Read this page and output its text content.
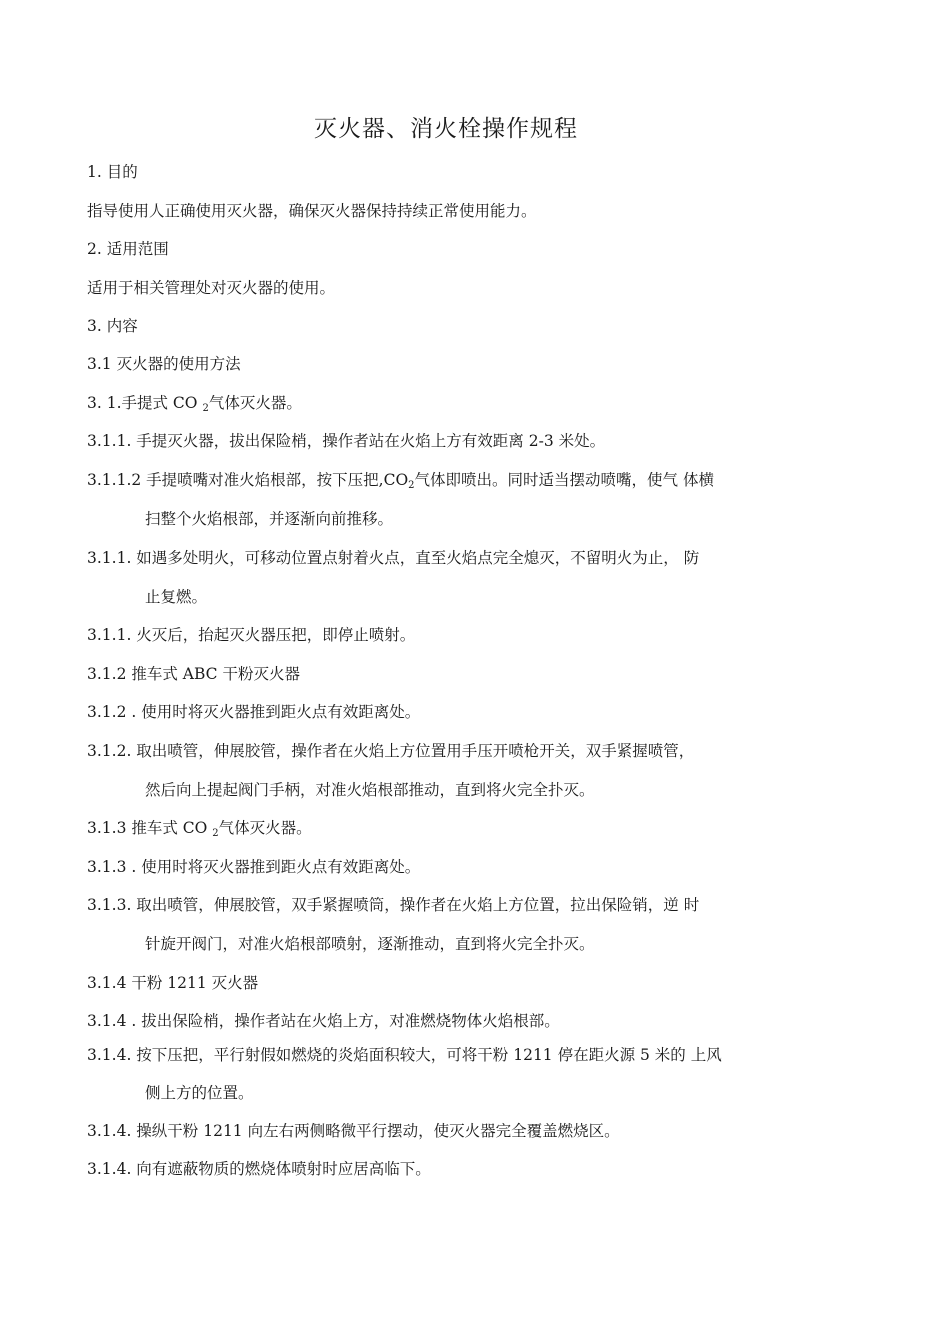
灭火器、消火栓操作规程
1. 目的
指导使用人正确使用灭火器，确保灭火器保持持续正常使用能力。
2. 适用范围
适用于相关管理处对灭火器的使用。
3. 内容
3.1 灭火器的使用方法
3. 1.手提式 CO $_2$气体灭火器。
3.1.1. 手提灭火器，拔出保险梢，操作者站在火焰上方有效距离 2-3 米处。
3.1.1.2 手提喷嘴对准火焰根部，按下压把$,CO_2$气体即喷出。同时适当摆动喷嘴，使气 体横
扫整个火焰根部，并逐渐向前推移。
3.1.1. 如遇多处明火，可移动位置点射着火点，直至火焰点完全熄灭，不留明火为止， 防
止复燃。
3.1.1. 火灭后，抬起灭火器压把，即停止喷射。
3.1.2 推车式 ABC 干粉灭火器
3.1.2 . 使用时将灭火器推到距火点有效距离处。
3.1.2. 取出喷管，伸展胶管，操作者在火焰上方位置用手压开喷枪开关，双手紧握喷管，
然后向上提起阀门手柄，对准火焰根部推动，直到将火完全扑灭。
3.1.3 推车式 CO $_2$气体灭火器。
3.1.3 . 使用时将灭火器推到距火点有效距离处。
3.1.3. 取出喷管，伸展胶管，双手紧握喷筒，操作者在火焰上方位置，拉出保险销，逆 时
针旋开阀门，对准火焰根部喷射，逐渐推动，直到将火完全扑灭。
3.1.4 干粉 1211 灭火器
3.1.4 . 拔出保险梢，操作者站在火焰上方，对准燃烧物体火焰根部。
3.1.4. 按下压把，平行射假如燃烧的炎焰面积较大，可将干粉 1211 停在距火源 5 米的 上风
侧上方的位置。
3.1.4. 操纵干粉 1211 向左右两侧略微平行摆动，使灭火器完全覆盖燃烧区。
3.1.4. 向有遮蔽物质的燃烧体喷射时应居高临下。
